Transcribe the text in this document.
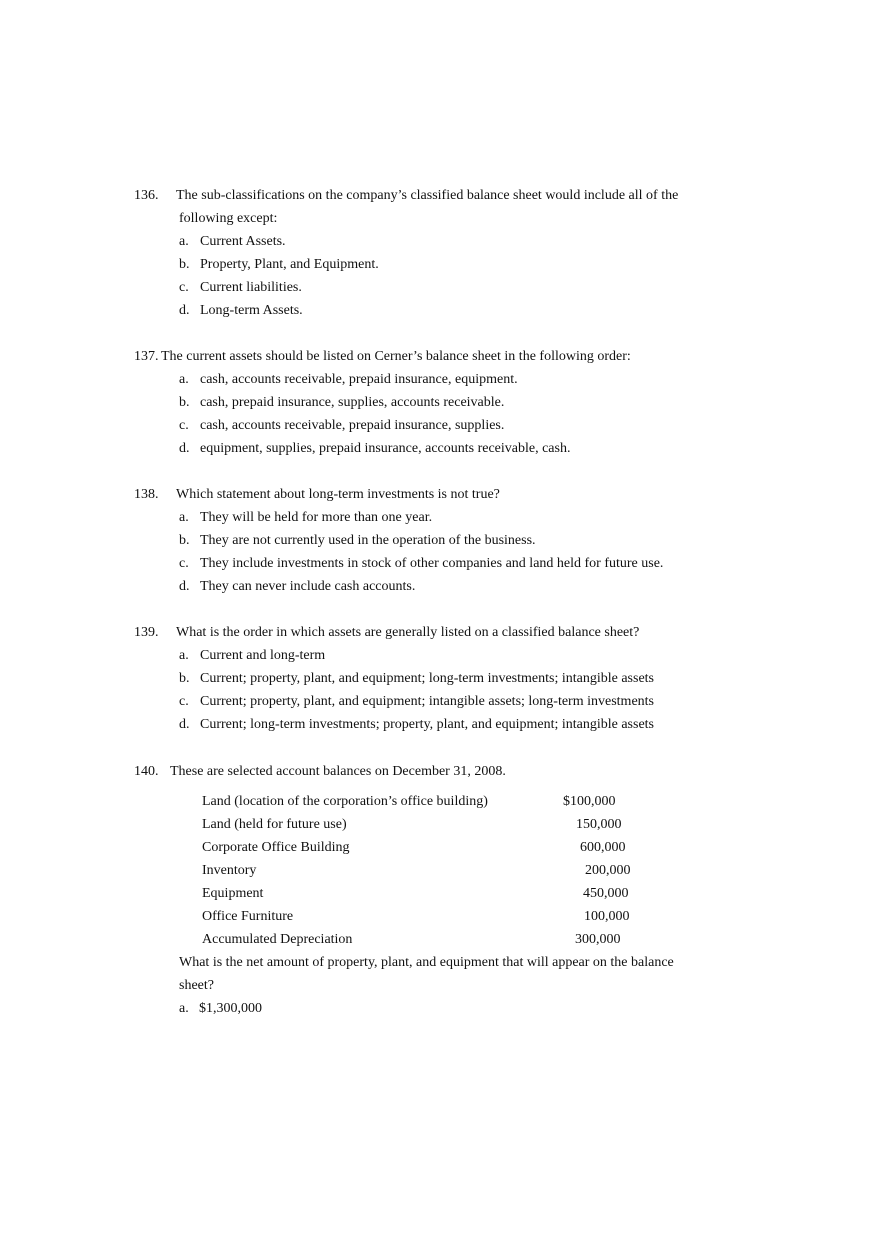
136. The sub-classifications on the company’s classified balance sheet would include all of the
following except:
a. Current Assets.
b. Property, Plant, and Equipment.
c. Current liabilities.
d. Long-term Assets.
137. The current assets should be listed on Cerner’s balance sheet in the following order:
a. cash, accounts receivable, prepaid insurance, equipment.
b. cash, prepaid insurance, supplies, accounts receivable.
c. cash, accounts receivable, prepaid insurance, supplies.
d. equipment, supplies, prepaid insurance, accounts receivable, cash.
138. Which statement about long-term investments is not true?
a. They will be held for more than one year.
b. They are not currently used in the operation of the business.
c. They include investments in stock of other companies and land held for future use.
d. They can never include cash accounts.
139. What is the order in which assets are generally listed on a classified balance sheet?
a. Current and long-term
b. Current; property, plant, and equipment; long-term investments; intangible assets
c. Current; property, plant, and equipment; intangible assets; long-term investments
d. Current; long-term investments; property, plant, and equipment; intangible assets
140. These are selected account balances on December 31, 2008.
Land (location of the corporation’s office building)	$100,000
Land (held for future use)	150,000
Corporate Office Building	600,000
Inventory	200,000
Equipment	450,000
Office Furniture	100,000
Accumulated Depreciation	300,000
What is the net amount of property, plant, and equipment that will appear on the balance
sheet?
a. $1,300,000
